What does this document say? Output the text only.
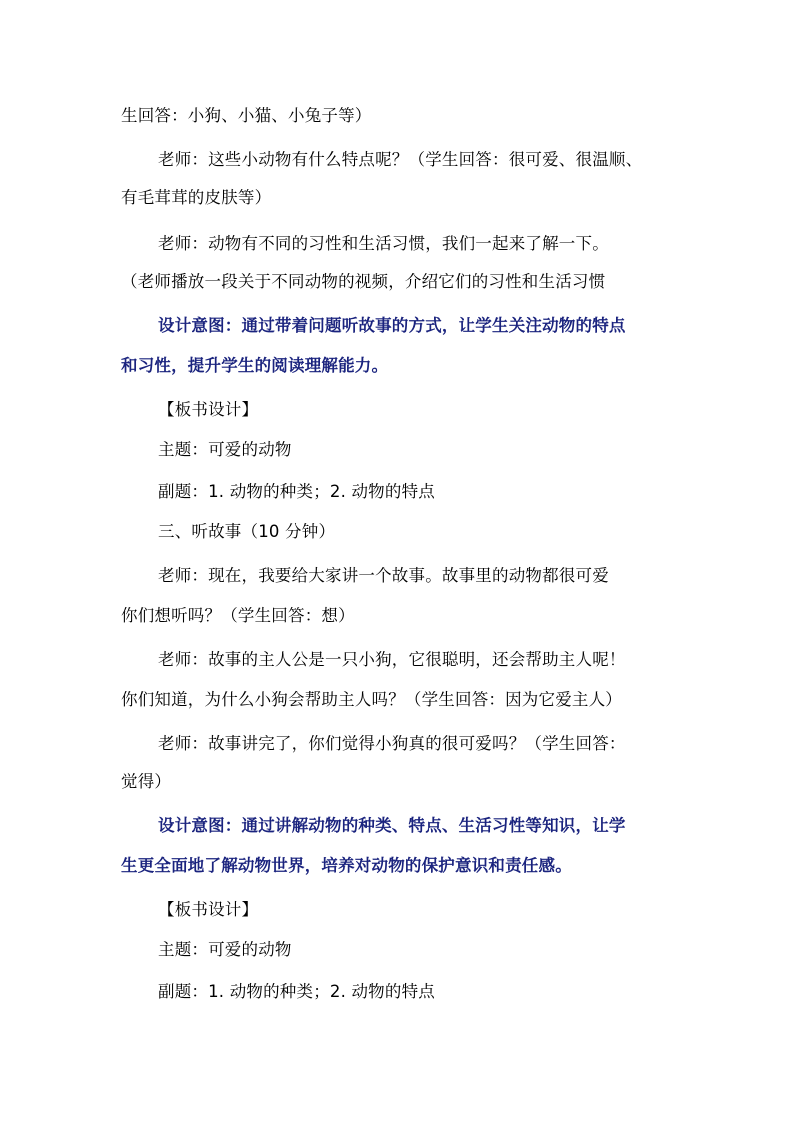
生回答：小狗、小猫、小兔子等）
老师：这些小动物有什么特点呢？（学生回答：很可爱、很温顺、
有毛茸茸的皮肤等）
老师：动物有不同的习性和生活习惯，我们一起来了解一下。
（老师播放一段关于不同动物的视频，介绍它们的习性和生活习惯
设计意图：通过带着问题听故事的方式，让学生关注动物的特点
和习性，提升学生的阅读理解能力。
【板书设计】
主题：可爱的动物
副题：1. 动物的种类；2. 动物的特点
三、听故事（10 分钟）
老师：现在，我要给大家讲一个故事。故事里的动物都很可爱
你们想听吗？（学生回答：想）
老师：故事的主人公是一只小狗，它很聪明，还会帮助主人呢！
你们知道，为什么小狗会帮助主人吗？（学生回答：因为它爱主人）
老师：故事讲完了，你们觉得小狗真的很可爱吗？（学生回答：
觉得）
设计意图：通过讲解动物的种类、特点、生活习性等知识，让学
生更全面地了解动物世界，培养对动物的保护意识和责任感。
【板书设计】
主题：可爱的动物
副题：1. 动物的种类；2. 动物的特点
